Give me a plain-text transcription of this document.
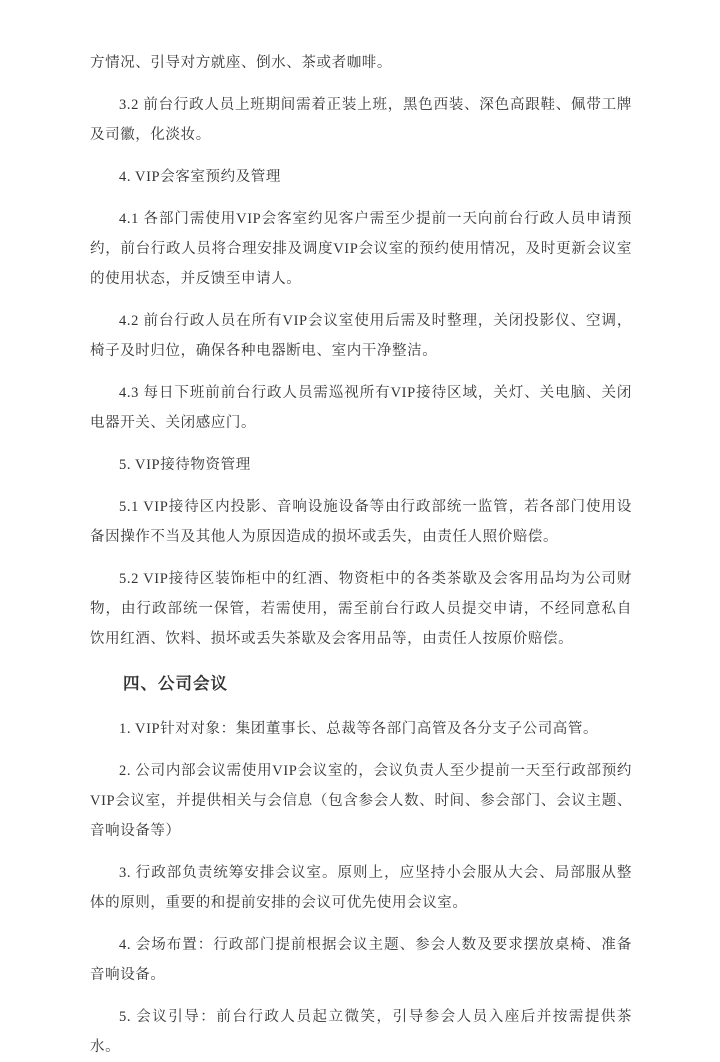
方情况、引导对方就座、倒水、茶或者咖啡。

3.2 前台行政人员上班期间需着正装上班，黑色西装、深色高跟鞋、佩带工牌及司徽，化淡妆。

4. VIP会客室预约及管理

4.1 各部门需使用VIP会客室约见客户需至少提前一天向前台行政人员申请预约，前台行政人员将合理安排及调度VIP会议室的预约使用情况，及时更新会议室的使用状态，并反馈至申请人。

4.2 前台行政人员在所有VIP会议室使用后需及时整理，关闭投影仪、空调，椅子及时归位，确保各种电器断电、室内干净整洁。

4.3 每日下班前前台行政人员需巡视所有VIP接待区域，关灯、关电脑、关闭电器开关、关闭感应门。

5. VIP接待物资管理

5.1 VIP接待区内投影、音响设施设备等由行政部统一监管，若各部门使用设备因操作不当及其他人为原因造成的损坏或丢失，由责任人照价赔偿。

5.2 VIP接待区装饰柜中的红酒、物资柜中的各类茶歇及会客用品均为公司财物，由行政部统一保管，若需使用，需至前台行政人员提交申请，不经同意私自饮用红酒、饮料、损坏或丢失茶歇及会客用品等，由责任人按原价赔偿。

四、公司会议

1. VIP针对对象：集团董事长、总裁等各部门高管及各分支子公司高管。

2. 公司内部会议需使用VIP会议室的，会议负责人至少提前一天至行政部预约VIP会议室，并提供相关与会信息（包含参会人数、时间、参会部门、会议主题、音响设备等）

3. 行政部负责统筹安排会议室。原则上，应坚持小会服从大会、局部服从整体的原则，重要的和提前安排的会议可优先使用会议室。

4. 会场布置：行政部门提前根据会议主题、参会人数及要求摆放桌椅、准备音响设备。

5. 会议引导：前台行政人员起立微笑，引导参会人员入座后并按需提供茶水。
